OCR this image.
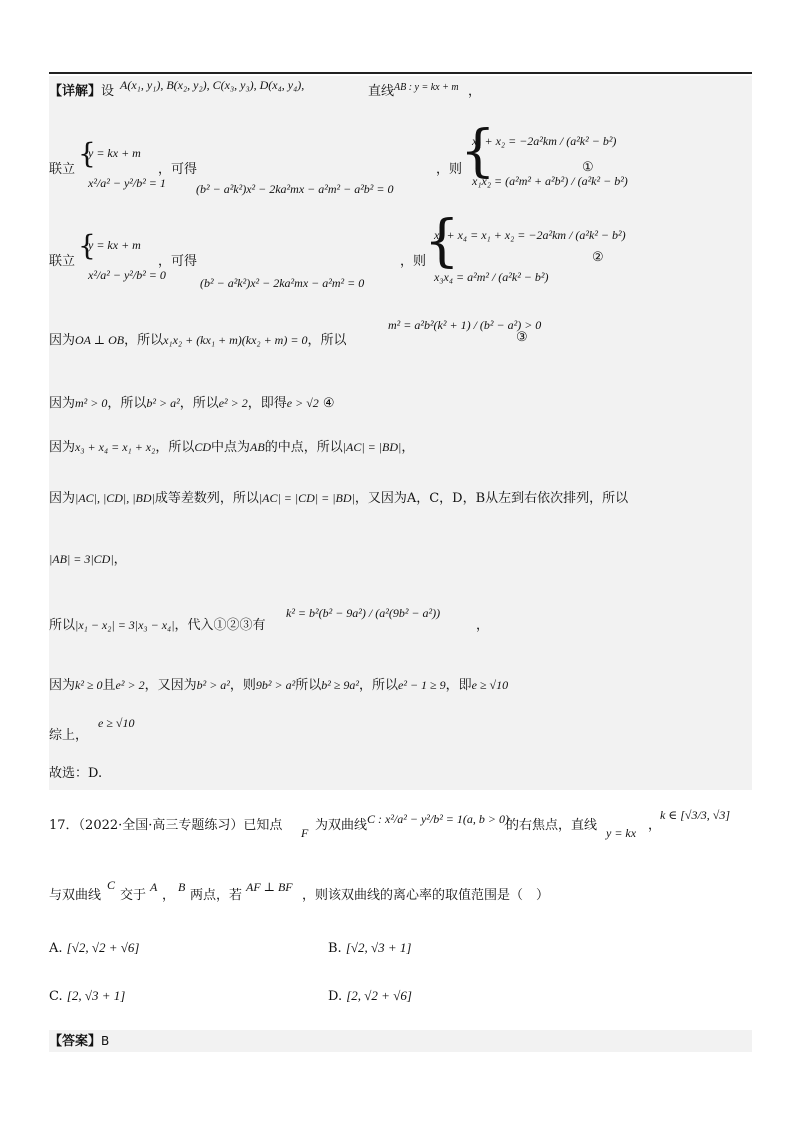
【详解】设 A(x₁, y₁), B(x₂, y₂), C(x₃, y₃), D(x₄, y₄),	直线 AB : y = kx + m ，
联立 {
y = kx + m
x²/a² − y²/b² = 1
，可得
(b² − a²k²)x² − 2ka²mx − a²m² − a²b² = 0
，则
{
x₁ + x₂ = −2a²km / (a²k² − b²)
x₁x₂ = (a²m² + a²b²) / (a²k² − b²)
①
联立 {
y = kx + m
x²/a² − y²/b² = 0
，可得
(b² − a²k²)x² − 2ka²mx − a²m² = 0
，则
{
x₃ + x₄ = x₁ + x₂ = −2a²km / (a²k² − b²)
x₃x₄ = a²m² / (a²k² − b²)
②
因为OA ⊥ OB，所以x₁x₂ + (kx₁ + m)(kx₂ + m) = 0，所以
m² = a²b²(k² + 1) / (b² − a²) > 0
③
因为m² > 0，所以b² > a²，所以e² > 2，即得e > √2 ④
因为x₃ + x₄ = x₁ + x₂，所以CD中点为AB的中点，所以|AC| = |BD|，
因为|AC|, |CD|, |BD|成等差数列，所以|AC| = |CD| = |BD|，又因为A，C，D，B从左到右依次排列，所以
|AB| = 3|CD|，
所以|x₁ − x₂| = 3|x₃ − x₄|，代入①②③有
k² = b²(b² − 9a²) / (a²(9b² − a²))
，
因为k² ≥ 0且e² > 2，又因为b² > a²，则9b² > a²所以b² ≥ 9a²，所以e² − 1 ≥ 9，即e ≥ √10
综上，
e ≥ √10
故选：D.
17．（2022·全国·高三专题练习）已知点 F 为双曲线 C : x²/a² − y²/b² = 1(a, b > 0)
的右焦点，直线 y = kx ，
k ∈ [√3/3, √3]
与双曲线
C
交于
A
，
B
两点，若
AF ⊥ BF
，则该双曲线的离心率的取值范围是（　）
A. [√2, √2 + √6]	B. [√2, √3 + 1]
C. [2, √3 + 1]	D. [2, √2 + √6]
【答案】B
